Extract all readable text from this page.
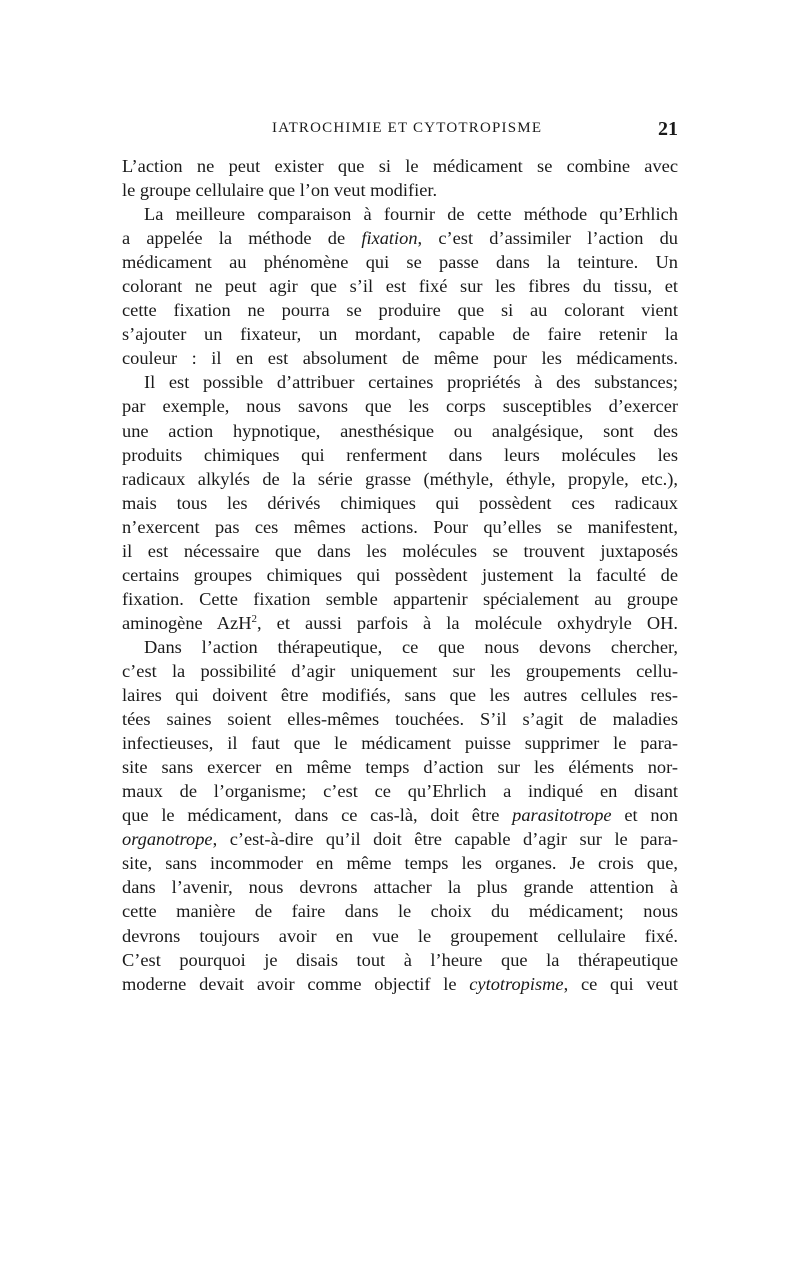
IATROCHIMIE ET CYTOTROPISME	21
L’action ne peut exister que si le médicament se combine avec
le groupe cellulaire que l’on veut modifier.
La meilleure comparaison à fournir de cette méthode qu’Erhlich
a appelée la méthode de fixation, c’est d’assimiler l’action du
médicament au phénomène qui se passe dans la teinture. Un
colorant ne peut agir que s’il est fixé sur les fibres du tissu, et
cette fixation ne pourra se produire que si au colorant vient
s’ajouter un fixateur, un mordant, capable de faire retenir la
couleur : il en est absolument de même pour les médicaments.
Il est possible d’attribuer certaines propriétés à des substances;
par exemple, nous savons que les corps susceptibles d’exercer
une action hypnotique, anesthésique ou analgésique, sont des
produits chimiques qui renferment dans leurs molécules les
radicaux alkylés de la série grasse (méthyle, éthyle, propyle, etc.),
mais tous les dérivés chimiques qui possèdent ces radicaux
n’exercent pas ces mêmes actions. Pour qu’elles se manifestent,
il est nécessaire que dans les molécules se trouvent juxtaposés
certains groupes chimiques qui possèdent justement la faculté de
fixation. Cette fixation semble appartenir spécialement au groupe
aminogène AzH$^2$, et aussi parfois à la molécule oxhydryle OH.
Dans l’action thérapeutique, ce que nous devons chercher,
c’est la possibilité d’agir uniquement sur les groupements cellu-
laires qui doivent être modifiés, sans que les autres cellules res-
tées saines soient elles-mêmes touchées. S’il s’agit de maladies
infectieuses, il faut que le médicament puisse supprimer le para-
site sans exercer en même temps d’action sur les éléments nor-
maux de l’organisme; c’est ce qu’Ehrlich a indiqué en disant
que le médicament, dans ce cas-là, doit être parasitotrope et non
organotrope, c’est-à-dire qu’il doit être capable d’agir sur le para-
site, sans incommoder en même temps les organes. Je crois que,
dans l’avenir, nous devrons attacher la plus grande attention à
cette manière de faire dans le choix du médicament; nous
devrons toujours avoir en vue le groupement cellulaire fixé.
C’est pourquoi je disais tout à l’heure que la thérapeutique
moderne devait avoir comme objectif le cytotropisme, ce qui veut
